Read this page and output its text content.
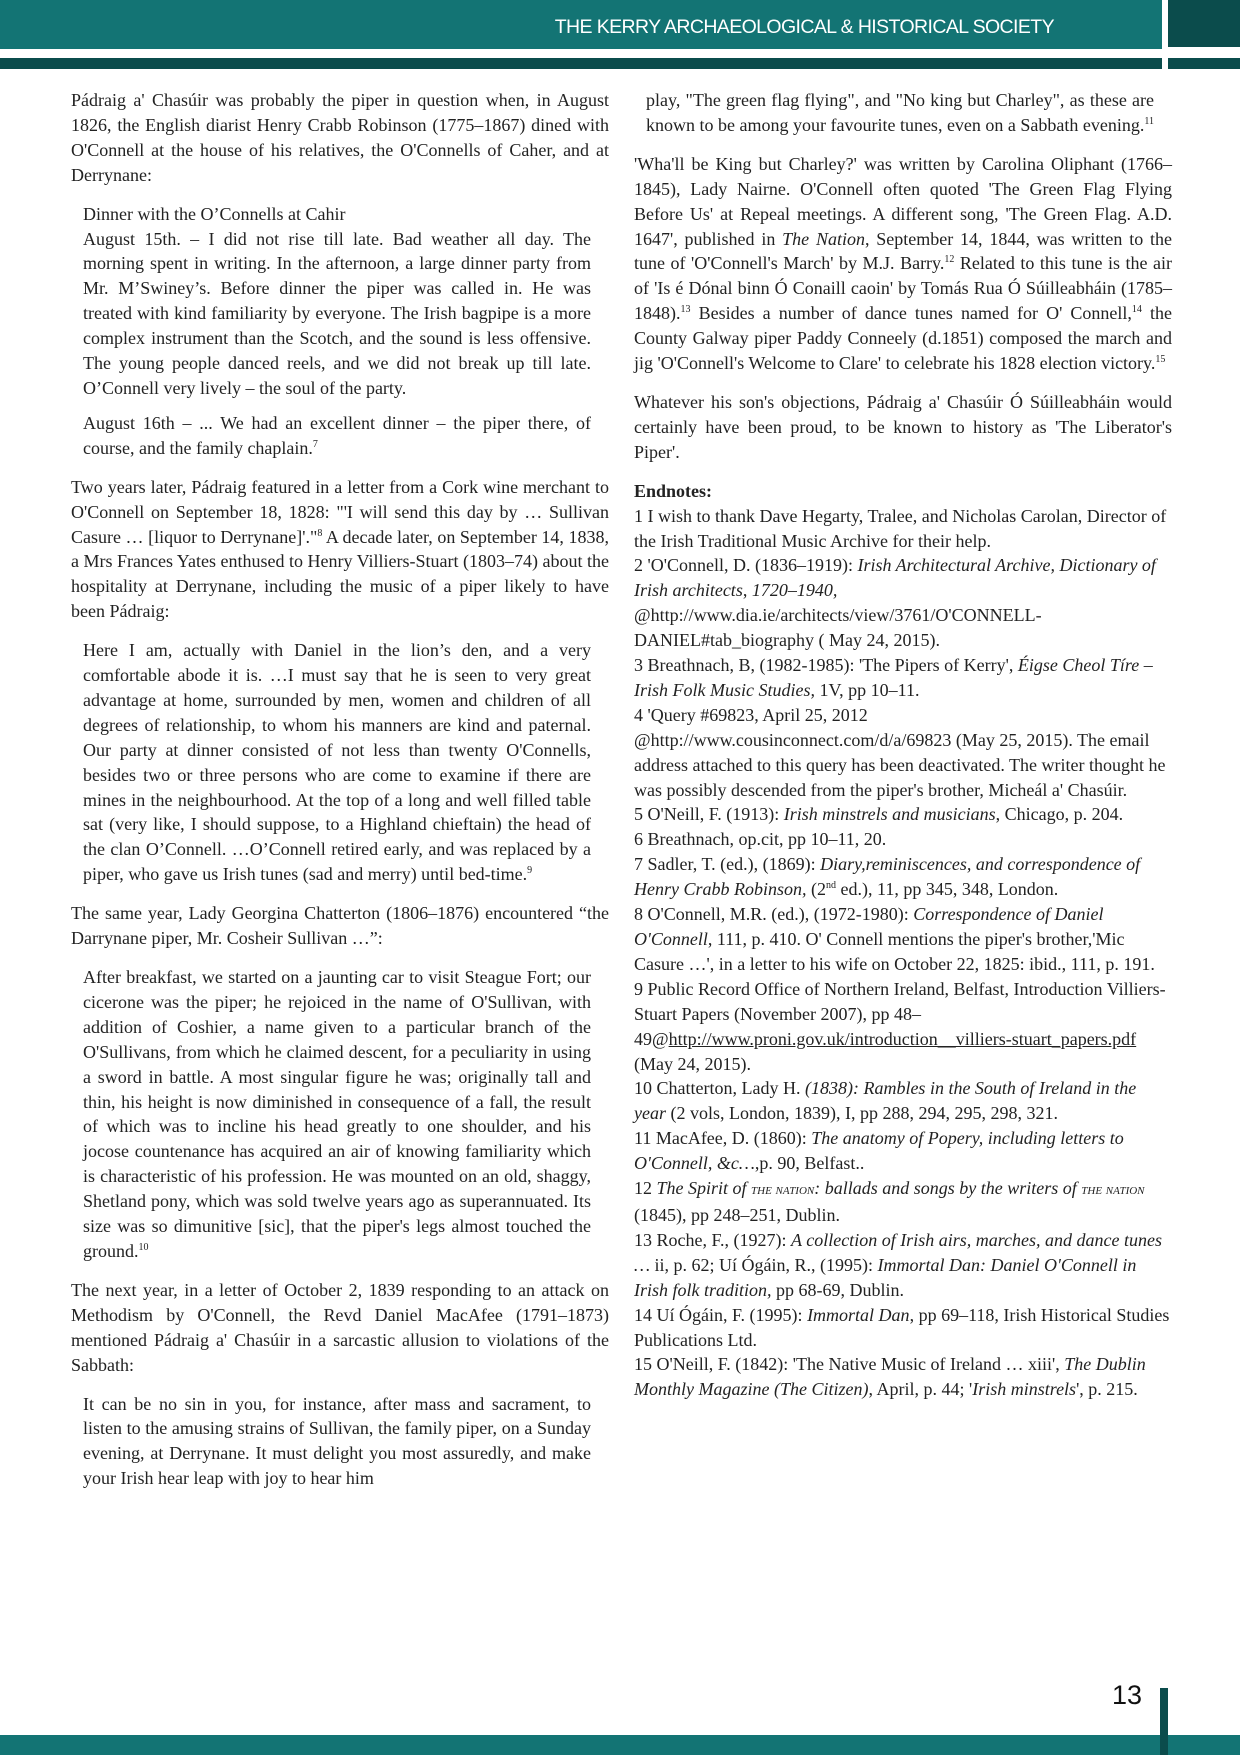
THE KERRY ARCHAEOLOGICAL & HISTORICAL SOCIETY

Pádraig a' Chasúir was probably the piper in question when, in August 1826, the English diarist Henry Crabb Robinson (1775–1867) dined with O'Connell at the house of his relatives, the O'Connells of Caher, and at Derrynane:

Dinner with the O’Connells at Cahir

August 15th. – I did not rise till late. Bad weather all day. The morning spent in writing. In the afternoon, a large dinner party from Mr. M’Swiney’s. Before dinner the piper was called in. He was treated with kind familiarity by everyone. The Irish bagpipe is a more complex instrument than the Scotch, and the sound is less offensive. The young people danced reels, and we did not break up till late. O’Connell very lively – the soul of the party.

August 16th – ... We had an excellent dinner – the piper there, of course, and the family chaplain.$^7$

Two years later, Pádraig featured in a letter from a Cork wine merchant to O'Connell on September 18, 1828: "'I will send this day by … Sullivan Casure … [liquor to Derrynane]'."$^8$ A decade later, on September 14, 1838, a Mrs Frances Yates enthused to Henry Villiers-Stuart (1803–74) about the hospitality at Derrynane, including the music of a piper likely to have been Pádraig:

Here I am, actually with Daniel in the lion’s den, and a very comfortable abode it is. …I must say that he is seen to very great advantage at home, surrounded by men, women and children of all degrees of relationship, to whom his manners are kind and paternal. Our party at dinner consisted of not less than twenty O'Connells, besides two or three persons who are come to examine if there are mines in the neighbourhood. At the top of a long and well filled table sat (very like, I should suppose, to a Highland chieftain) the head of the clan O’Connell. …O’Connell retired early, and was replaced by a piper, who gave us Irish tunes (sad and merry) until bed-time.$^9$

The same year, Lady Georgina Chatterton (1806–1876) encountered “the Darrynane piper, Mr. Cosheir Sullivan …”:

After breakfast, we started on a jaunting car to visit Steague Fort; our cicerone was the piper; he rejoiced in the name of O'Sullivan, with addition of Coshier, a name given to a particular branch of the O'Sullivans, from which he claimed descent, for a peculiarity in using a sword in battle. A most singular figure he was; originally tall and thin, his height is now diminished in consequence of a fall, the result of which was to incline his head greatly to one shoulder, and his jocose countenance has acquired an air of knowing familiarity which is characteristic of his profession. He was mounted on an old, shaggy, Shetland pony, which was sold twelve years ago as superannuated. Its size was so dimunitive [sic], that the piper's legs almost touched the ground.$^{10}$

The next year, in a letter of October 2, 1839 responding to an attack on Methodism by O'Connell, the Revd Daniel MacAfee (1791–1873) mentioned Pádraig a' Chasúir in a sarcastic allusion to violations of the Sabbath:

It can be no sin in you, for instance, after mass and sacrament, to listen to the amusing strains of Sullivan, the family piper, on a Sunday evening, at Derrynane. It must delight you most assuredly, and make your Irish hear leap with joy to hear him

play, "The green flag flying", and "No king but Charley", as these are known to be among your favourite tunes, even on a Sabbath evening.$^{11}$

'Wha'll be King but Charley?' was written by Carolina Oliphant (1766–1845), Lady Nairne. O'Connell often quoted 'The Green Flag Flying Before Us' at Repeal meetings. A different song, 'The Green Flag. A.D. 1647', published in The Nation, September 14, 1844, was written to the tune of 'O'Connell's March' by M.J. Barry.$^{12}$ Related to this tune is the air of 'Is é Dónal binn Ó Conaill caoin' by Tomás Rua Ó Súilleabháin (1785–1848).$^{13}$ Besides a number of dance tunes named for O' Connell,$^{14}$ the County Galway piper Paddy Conneely (d.1851) composed the march and jig 'O'Connell's Welcome to Clare' to celebrate his 1828 election victory.$^{15}$

Whatever his son's objections, Pádraig a' Chasúir Ó Súilleabháin would certainly have been proud, to be known to history as 'The Liberator's Piper'.

Endnotes:

1 I wish to thank Dave Hegarty, Tralee, and Nicholas Carolan, Director of the Irish Traditional Music Archive for their help.

2 'O'Connell, D. (1836–1919): Irish Architectural Archive, Dictionary of Irish architects, 1720–1940, @http://www.dia.ie/architects/view/3761/O'CONNELL-DANIEL#tab_biography ( May 24, 2015).

3 Breathnach, B, (1982-1985): 'The Pipers of Kerry', Éigse Cheol Tíre – Irish Folk Music Studies, 1V, pp 10–11.

4 'Query #69823, April 25, 2012 @http://www.cousinconnect.com/d/a/69823 (May 25, 2015). The email address attached to this query has been deactivated. The writer thought he was possibly descended from the piper's brother, Micheál a' Chasúir.

5 O'Neill, F. (1913): Irish minstrels and musicians, Chicago, p. 204.

6 Breathnach, op.cit, pp 10–11, 20.

7 Sadler, T. (ed.), (1869): Diary,reminiscences, and correspondence of Henry Crabb Robinson, (2nd ed.), 11, pp 345, 348, London.

8 O'Connell, M.R. (ed.), (1972-1980): Correspondence of Daniel O'Connell, 111, p. 410. O' Connell mentions the piper's brother,'Mic Casure …', in a letter to his wife on October 22, 1825: ibid., 111, p. 191.

9 Public Record Office of Northern Ireland, Belfast, Introduction Villiers-Stuart Papers (November 2007), pp 48–49@http://www.proni.gov.uk/introduction__villiers-stuart_papers.pdf (May 24, 2015).

10 Chatterton, Lady H. (1838): Rambles in the South of Ireland in the year (2 vols, London, 1839), I, pp 288, 294, 295, 298, 321.

11 MacAfee, D. (1860): The anatomy of Popery, including letters to O'Connell, &c…,p. 90, Belfast..

12 The Spirit of the nation: ballads and songs by the writers of the nation (1845), pp 248–251, Dublin.

13 Roche, F., (1927): A collection of Irish airs, marches, and dance tunes … ii, p. 62; Uí Ógáin, R., (1995): Immortal Dan: Daniel O'Connell in Irish folk tradition, pp 68-69, Dublin.

14 Uí Ógáin, F. (1995): Immortal Dan, pp 69–118, Irish Historical Studies Publications Ltd.

15 O'Neill, F. (1842): 'The Native Music of Ireland … xiii', The Dublin Monthly Magazine (The Citizen), April, p. 44; 'Irish minstrels', p. 215.

13
